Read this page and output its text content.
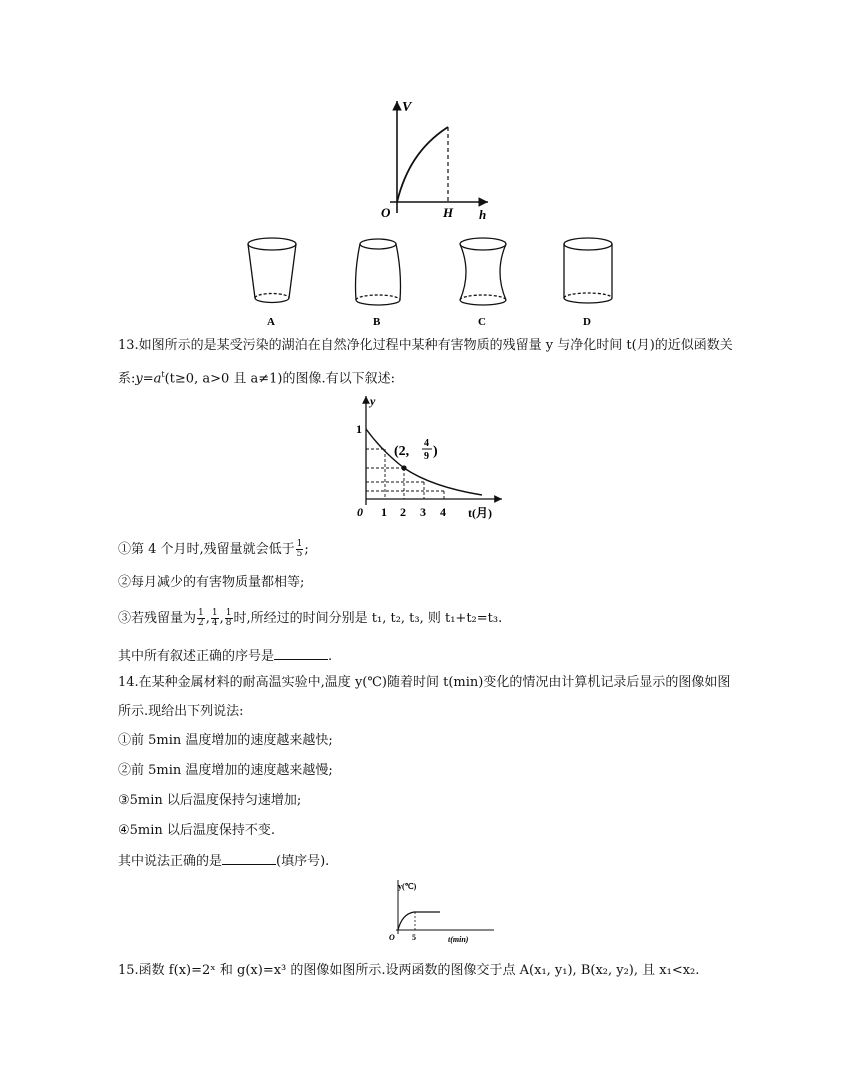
V
O	H h
A	B	C	D
13.如图所示的是某受污染的湖泊在自然净化过程中某种有害物质的残留量 y 与净化时间 t(月)的近似函数关
系$:y=a^t(t\ge 0$, a>0 且 a≠1)的图像.有以下叙述:
y
1
0 1 2 3 4 t(月)
(2,
4
9 )
①第 4 个月时,残留量就会低于 $\frac{1}{5}$ ;
②每月减少的有害物质量都相等;
③若残留量为 $\frac{1}{2}$ , $\frac{1}{4}$ , $\frac{1}{8}$ 时,所经过的时间分别是 t₁, t₂, t₃, 则 t₁+t₂=t₃.
其中所有叙述正确的序号是	.
14.在某种金属材料的耐高温实验中,温度 y(℃)随着时间 t(min)变化的情况由计算机记录后显示的图像如图
所示.现给出下列说法:
①前 5min 温度增加的速度越来越快;
②前 5min 温度增加的速度越来越慢;
③5min 以后温度保持匀速增加;
④5min 以后温度保持不变.
其中说法正确的是	(填序号).
y(℃)
O 5	t(min)
15.函数 f(x)=2ˣ 和 g(x)=x³ 的图像如图所示.设两函数的图像交于点 A(x₁, y₁), B(x₂, y₂), 且 x₁<x₂.
